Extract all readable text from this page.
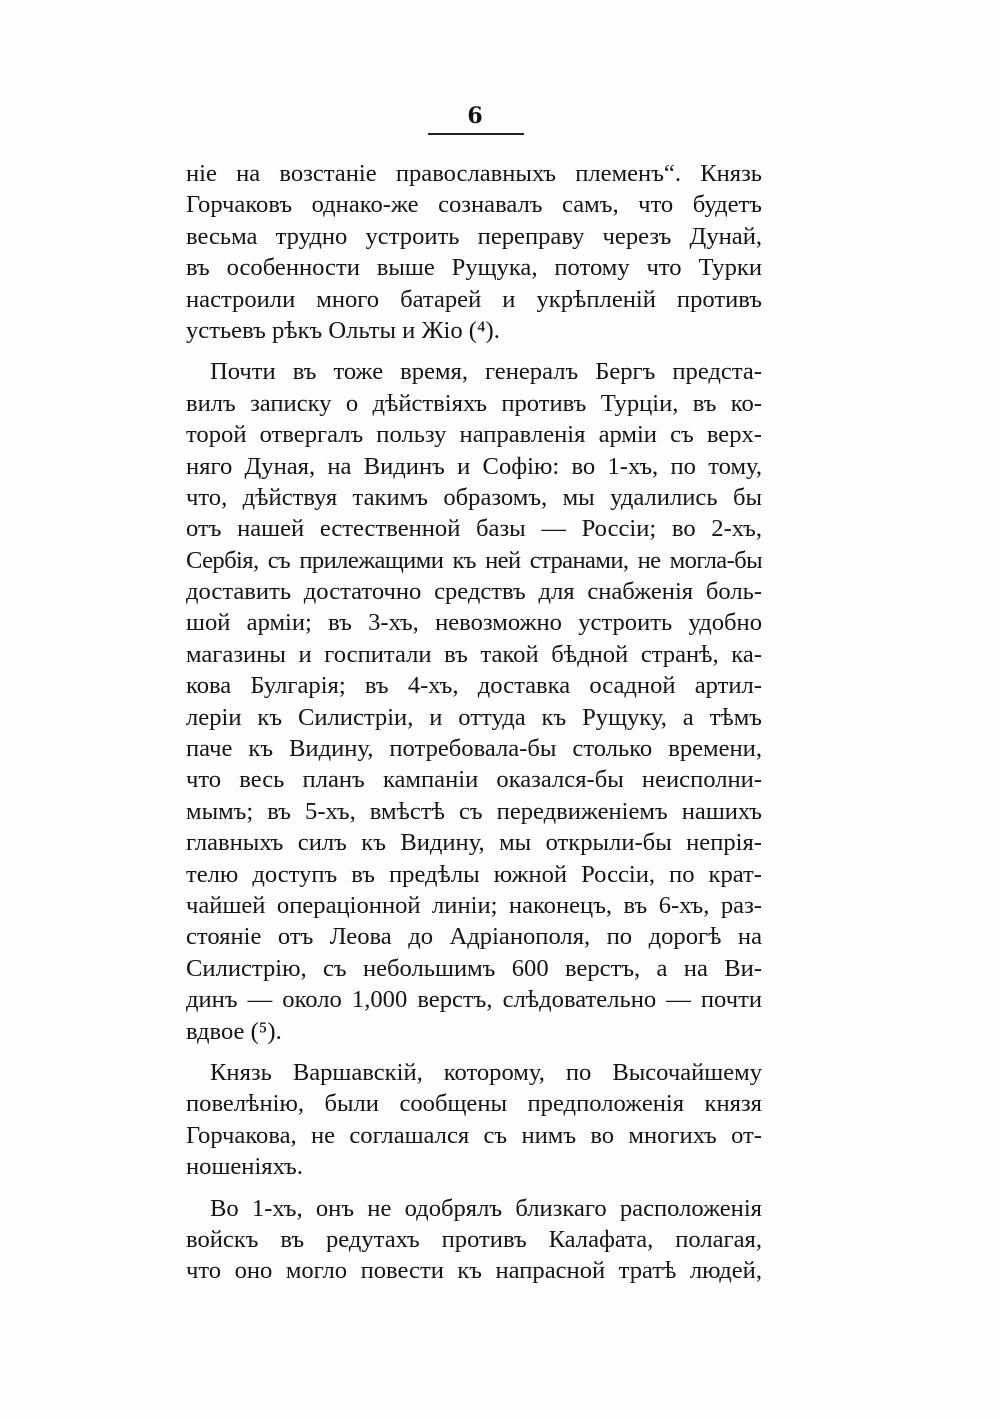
6
ніе на возстаніе православныхъ племенъ“. Князь
Горчаковъ однако-же сознавалъ самъ, что будетъ
весьма трудно устроить переправу черезъ Дунай,
въ особенности выше Рущука, потому что Турки
настроили много батарей и укрѣпленій противъ
устьевъ рѣкъ Ольты и Жіо (⁴).
Почти въ тоже время, генералъ Бергъ предста-
вилъ записку о дѣйствіяхъ противъ Турціи, въ ко-
торой отвергалъ пользу направленія арміи съ верх-
няго Дуная, на Видинъ и Софію: во 1-хъ, по тому,
что, дѣйствуя такимъ образомъ, мы удалились бы
отъ нашей естественной базы — Россіи; во 2-хъ,
Сербія, съ прилежащими къ ней странами, не могла-бы
доставить достаточно средствъ для снабженія боль-
шой арміи; въ 3-хъ, невозможно устроить удобно
магазины и госпитали въ такой бѣдной странѣ, ка-
кова Булгарія; въ 4-хъ, доставка осадной артил-
леріи къ Силистріи, и оттуда къ Рущуку, а тѣмъ
паче къ Видину, потребовала-бы столько времени,
что весь планъ кампаніи оказался-бы неисполни-
мымъ; въ 5-хъ, вмѣстѣ съ передвиженіемъ нашихъ
главныхъ силъ къ Видину, мы открыли-бы непрія-
телю доступъ въ предѣлы южной Россіи, по крат-
чайшей операціонной линіи; наконецъ, въ 6-хъ, раз-
стояніе отъ Леова до Адріанополя, по дорогѣ на
Силистрію, съ небольшимъ 600 верстъ, а на Ви-
динъ — около 1,000 верстъ, слѣдовательно — почти
вдвое (⁵).
Князь Варшавскій, которому, по Высочайшему
повелѣнію, были сообщены предположенія князя
Горчакова, не соглашался съ нимъ во многихъ от-
ношеніяхъ.
Во 1-хъ, онъ не одобрялъ близкаго расположенія
войскъ въ редутахъ противъ Калафата, полагая,
что оно могло повести къ напрасной тратѣ людей,
